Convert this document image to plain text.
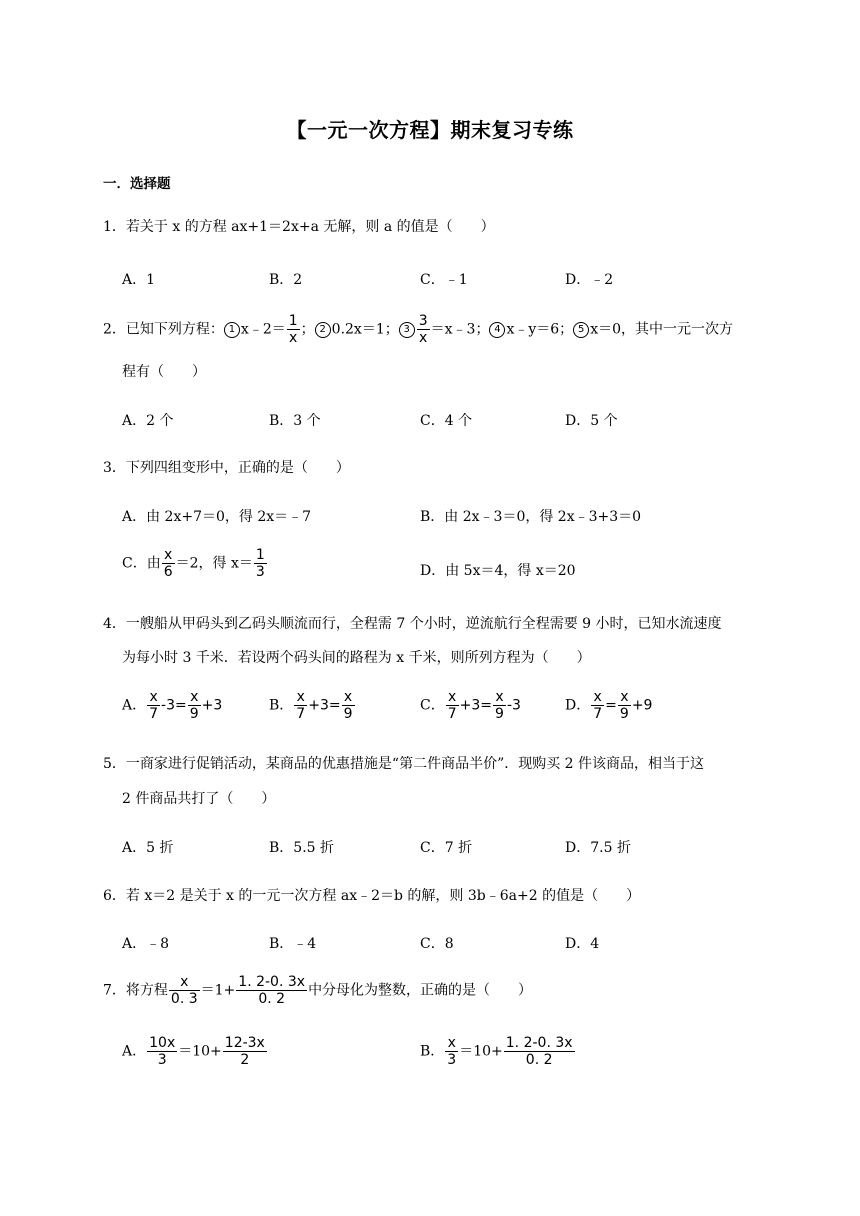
【一元一次方程】期末复习专练
一．选择题
1．若关于 x 的方程 ax+1＝2x+a 无解，则 a 的值是（　　）
A．1	B．2	C．﹣1	D．﹣2
2．已知下列方程： 1 x﹣2＝ $\frac{1}{x}$ ； 2 0.2x＝1； $3 \frac{3}{x}$ ＝x﹣3； 4 x﹣y＝6； 5 x＝0，其中一元一次方
程有（　　）
A．2 个	B．3 个	C．4 个	D．5 个
3．下列四组变形中，正确的是（　　）
A．由 2x+7＝0，得 2x＝﹣7	B．由 2x﹣3＝0，得 2x﹣3+3＝0
C．由 $\frac{x}{6} =2$，得 $x= \frac{1}{3}$	D．由 5x＝4，得 x＝20
4．一艘船从甲码头到乙码头顺流而行，全程需 7 个小时，逆流航行全程需要 9 小时，已知水流速度
为每小时 3 千米．若设两个码头间的路程为 x 千米，则所列方程为（　　）
A． $\frac{x}{7} -3= \frac{x}{9} +3$	B． $\frac{x}{7} +3= \frac{x}{9}$	C． $\frac{x}{7} +3= \frac{x}{9} -3$	D． $\frac{x}{7} = \frac{x}{9} +9$
5．一商家进行促销活动，某商品的优惠措施是“第二件商品半价”．现购买 2 件该商品，相当于这
2 件商品共打了（　　）
A．5 折	B．5.5 折	C．7 折	D．7.5 折
6．若 x＝2 是关于 x 的一元一次方程 ax﹣2＝b 的解，则 3b﹣6a+2 的值是（　　）
A．﹣8	B．﹣4	C．8	D．4
7．将方程 $\frac{x}{0. 3} =1+ \frac{1. 2-0. 3x}{0. 2}$ 中分母化为整数，正确的是（　　）
A． $\frac{10x}{3} =10+ \frac{12-3x}{2}$	B． $\frac{x}{3} =10+ \frac{1. 2-0. 3x}{0. 2}$
